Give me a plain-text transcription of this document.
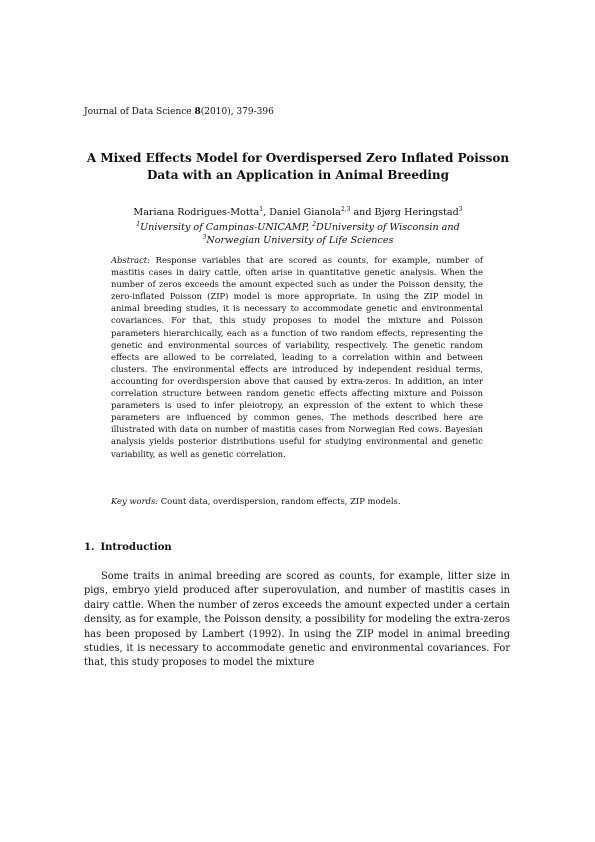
Journal of Data Science 8(2010), 379-396
A Mixed Effects Model for Overdispersed Zero Inflated Poisson
Data with an Application in Animal Breeding
Mariana Rodrigues-Motta$^1$, Daniel Gianola$^{2,3}$ and Bjørg Heringstad$^3$
$^1$University of Campinas-UNICAMP, $^2$DUniversity of Wisconsin and
$^3$Norwegian University of Life Sciences
Abstract: Response variables that are scored as counts, for example, number of mastitis cases in dairy cattle, often arise in quantitative genetic analysis. When the number of zeros exceeds the amount expected such as under the Poisson density, the zero-inflated Poisson (ZIP) model is more appropriate. In using the ZIP model in animal breeding studies, it is necessary to accommodate genetic and environmental covariances. For that, this study proposes to model the mixture and Poisson parameters hierarchically, each as a function of two random effects, representing the genetic and environmental sources of variability, respectively. The genetic random effects are allowed to be correlated, leading to a correlation within and between clusters. The environmental effects are introduced by independent residual terms, accounting for overdispersion above that caused by extra-zeros. In addition, an inter correlation structure between random genetic effects affecting mixture and Poisson parameters is used to infer pleiotropy, an expression of the extent to which these parameters are influenced by common genes. The methods described here are illustrated with data on number of mastitis cases from Norwegian Red cows. Bayesian analysis yields posterior distributions useful for studying environmental and genetic variability, as well as genetic correlation.
Key words: Count data, overdispersion, random effects, ZIP models.
1. Introduction
Some traits in animal breeding are scored as counts, for example, litter size in pigs, embryo yield produced after superovulation, and number of mastitis cases in dairy cattle. When the number of zeros exceeds the amount expected under a certain density, as for example, the Poisson density, a possibility for modeling the extra-zeros has been proposed by Lambert (1992). In using the ZIP model in animal breeding studies, it is necessary to accommodate genetic and environmental covariances. For that, this study proposes to model the mixture
